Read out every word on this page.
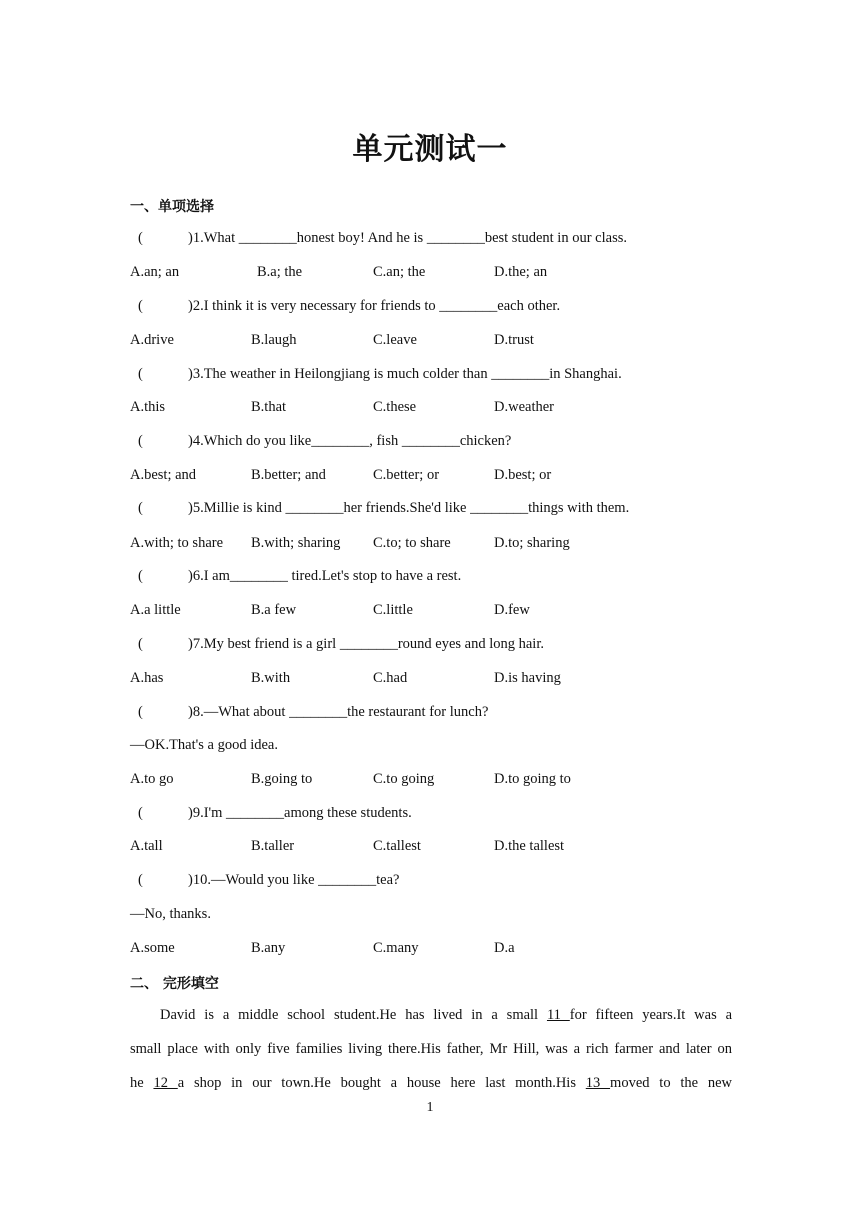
单元测试一
一、单项选择
(	)1.What ________honest boy! And he is ________best student in our class.
A.an; an	B.a; the	C.an; the	D.the; an
(	)2.I think it is very necessary for friends to ________each other.
A.drive	B.laugh	C.leave	D.trust
(	)3.The weather in Heilongjiang is much colder than ________in Shanghai.
A.this	B.that	C.these	D.weather
(	)4.Which do you like________, fish ________chicken?
A.best; and	B.better; and	C.better; or	D.best; or
(	)5.Millie is kind ________her friends.She'd like ________things with them.
A.with; to share B.with; sharing C.to; to share	D.to; sharing
(	)6.I am________ tired.Let's stop to have a rest.
A.a little	B.a few	C.little	D.few
(	)7.My best friend is a girl ________round eyes and long hair.
A.has	B.with	C.had	D.is having
(	)8.—What about ________the restaurant for lunch?
—OK.That's a good idea.
A.to go	B.going to	C.to going	D.to going to
(	)9.I'm ________among these students.
A.tall	B.taller	C.tallest	D.the tallest
(	)10.—Would you like ________tea?
—No, thanks.
A.some	B.any	C.many	D.a
二、 完形填空
David is a middle school student.He has lived in a small 11 for fifteen years.It was a
small place with only five families living there.His father, Mr Hill, was a rich farmer and later on
he 12 a shop in our town.He bought a house here last month.His 13 moved to the new
1
